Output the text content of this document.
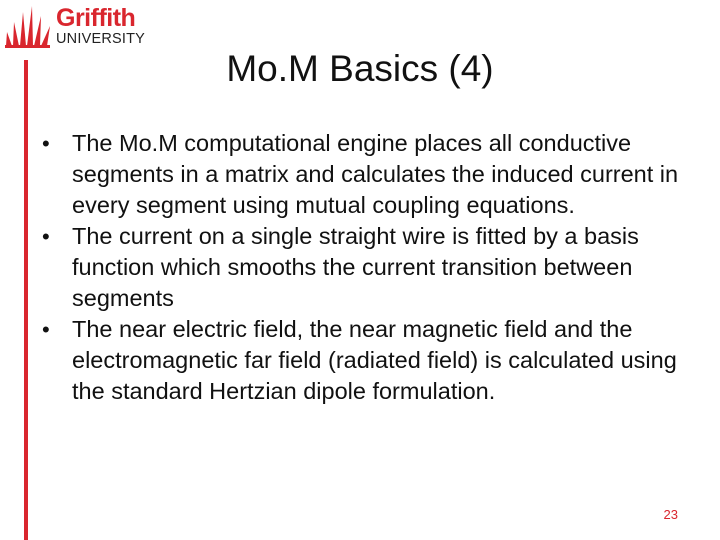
Griffith
UNIVERSITY
Mo.M Basics (4)
• The Mo.M computational engine places all conductive segments in a matrix and calculates the induced current in every segment using mutual coupling equations.
• The current on a single straight wire is fitted by a basis function which smooths the current transition between segments
• The near electric field, the near magnetic field and the electromagnetic far field (radiated field) is calculated using the standard Hertzian dipole formulation.
23
